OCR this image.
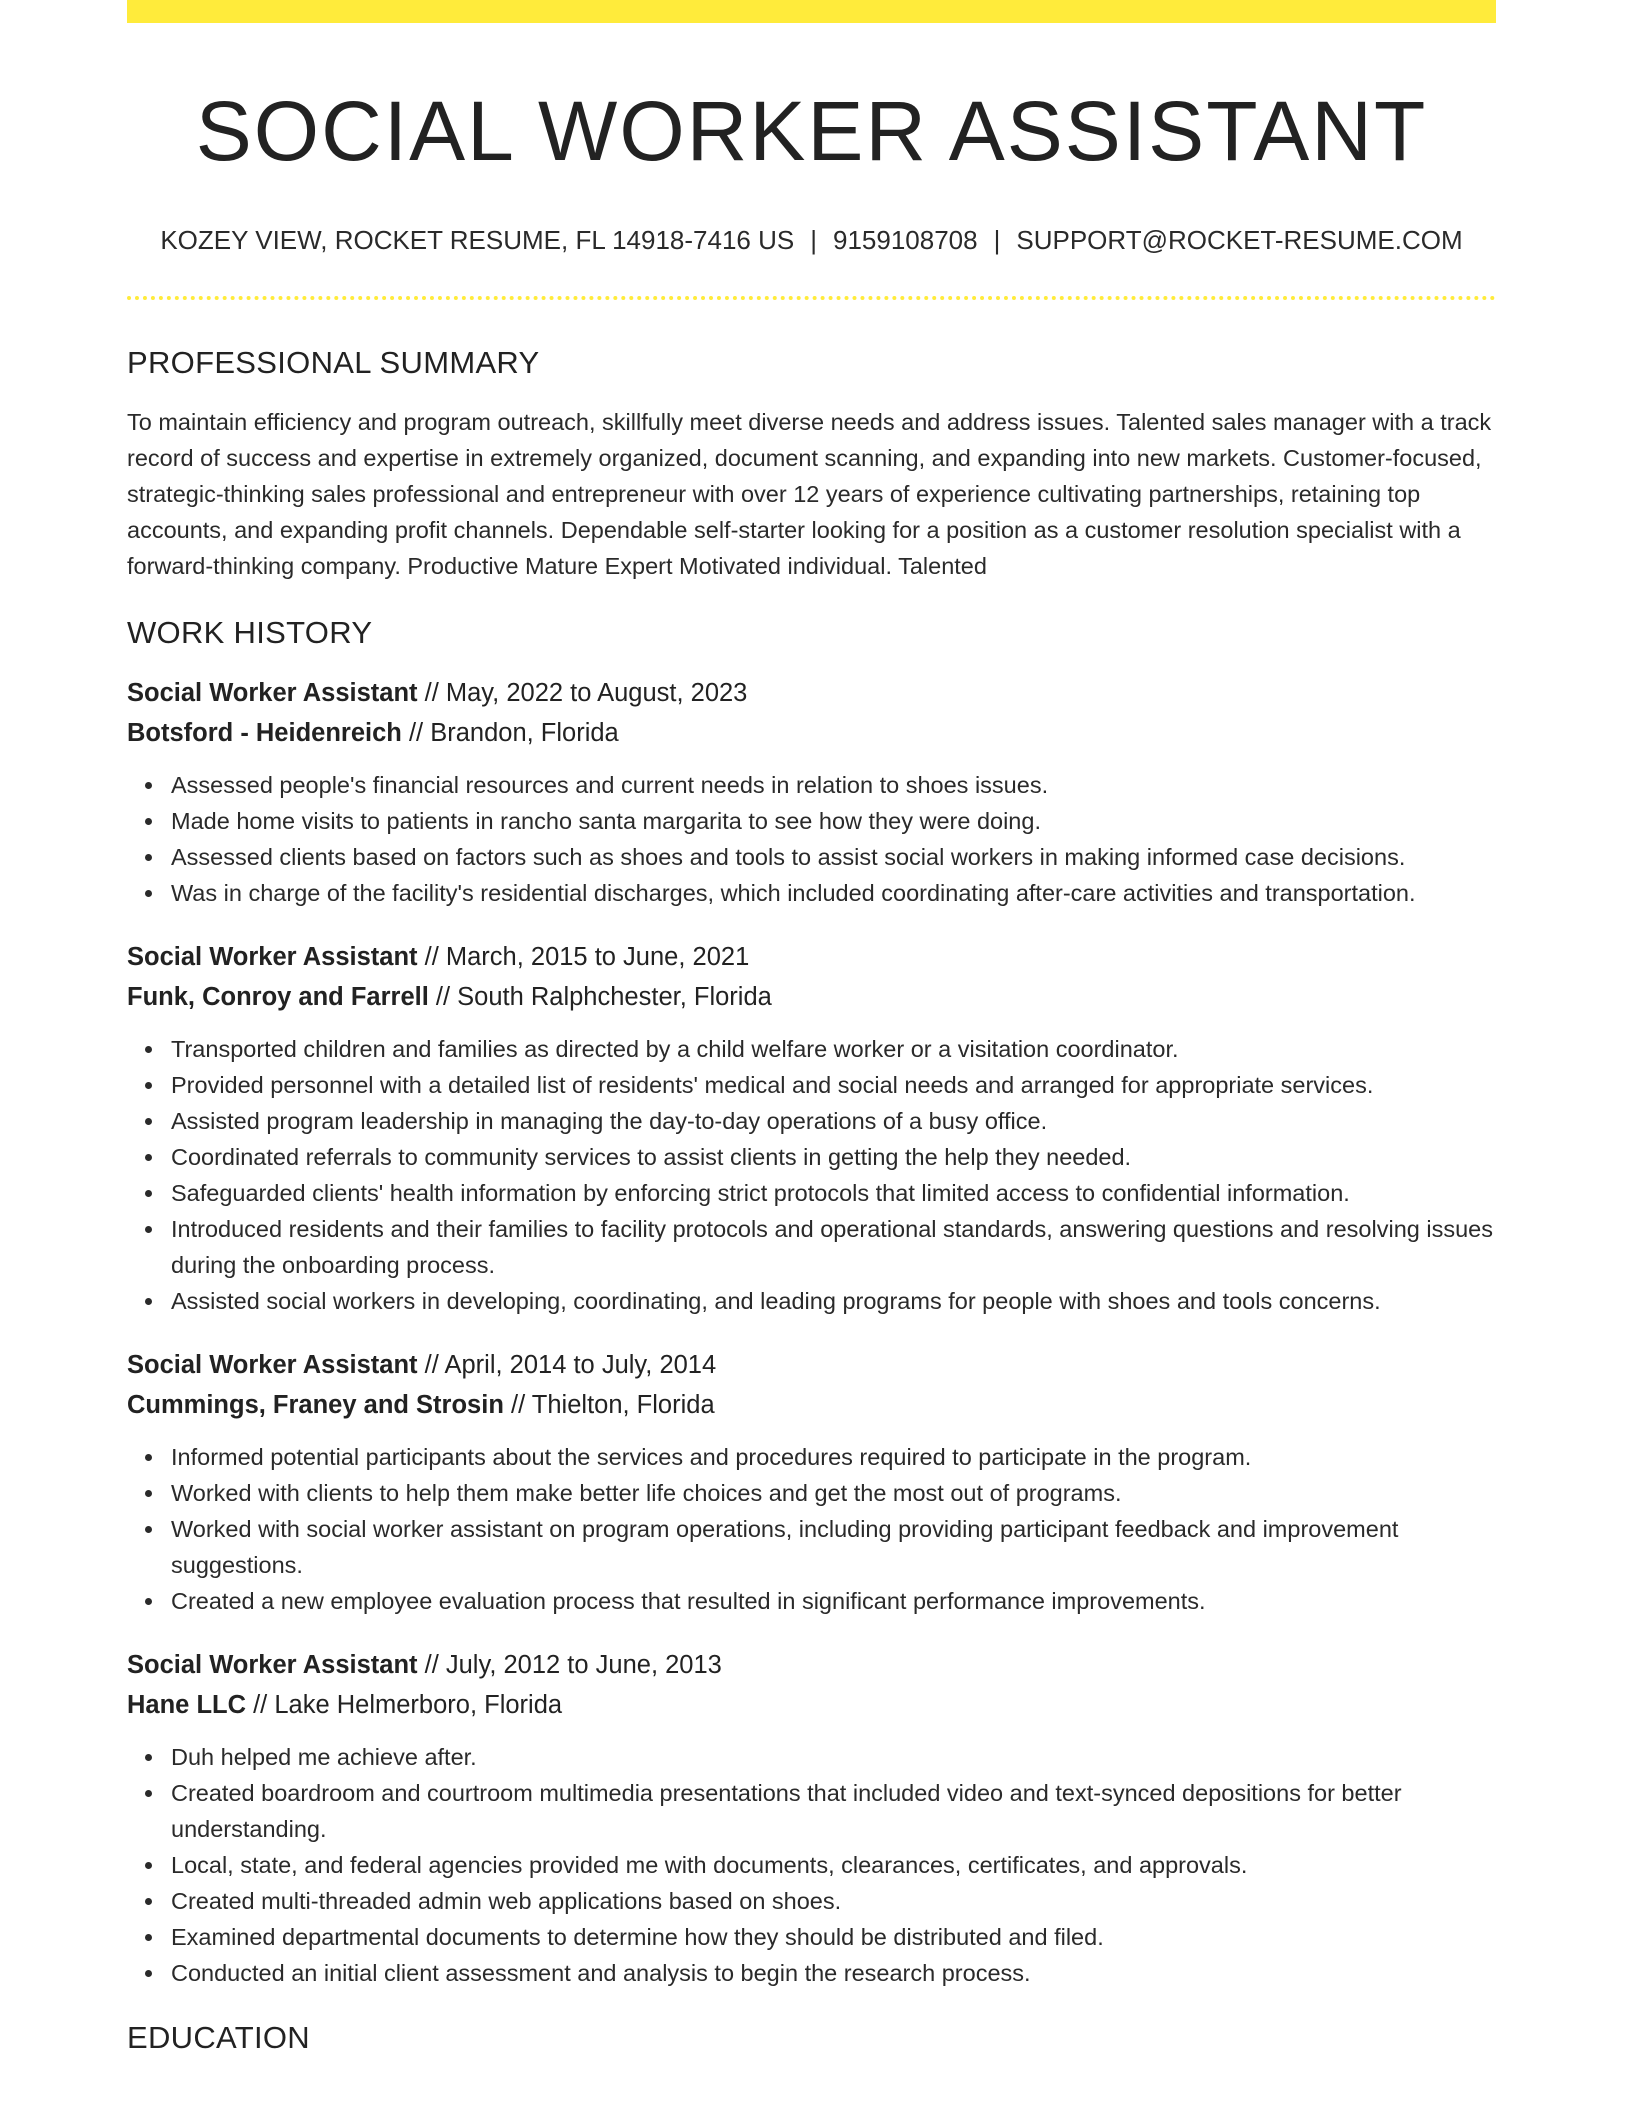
SOCIAL WORKER ASSISTANT
KOZEY VIEW, ROCKET RESUME, FL 14918-7416 US | 9159108708 | SUPPORT@ROCKET-RESUME.COM
PROFESSIONAL SUMMARY

To maintain efficiency and program outreach, skillfully meet diverse needs and address issues. Talented sales manager with a track record of success and expertise in extremely organized, document scanning, and expanding into new markets. Customer-focused, strategic-thinking sales professional and entrepreneur with over 12 years of experience cultivating partnerships, retaining top accounts, and expanding profit channels. Dependable self-starter looking for a position as a customer resolution specialist with a forward-thinking company. Productive Mature Expert Motivated individual. Talented

WORK HISTORY
Social Worker Assistant // May, 2022 to August, 2023
Botsford - Heidenreich // Brandon, Florida
Assessed people's financial resources and current needs in relation to shoes issues.
Made home visits to patients in rancho santa margarita to see how they were doing.
Assessed clients based on factors such as shoes and tools to assist social workers in making informed case decisions.
Was in charge of the facility's residential discharges, which included coordinating after-care activities and transportation.
Social Worker Assistant // March, 2015 to June, 2021
Funk, Conroy and Farrell // South Ralphchester, Florida
Transported children and families as directed by a child welfare worker or a visitation coordinator.
Provided personnel with a detailed list of residents' medical and social needs and arranged for appropriate services.
Assisted program leadership in managing the day-to-day operations of a busy office.
Coordinated referrals to community services to assist clients in getting the help they needed.
Safeguarded clients' health information by enforcing strict protocols that limited access to confidential information.
Introduced residents and their families to facility protocols and operational standards, answering questions and resolving issues during the onboarding process.
Assisted social workers in developing, coordinating, and leading programs for people with shoes and tools concerns.
Social Worker Assistant // April, 2014 to July, 2014
Cummings, Franey and Strosin // Thielton, Florida
Informed potential participants about the services and procedures required to participate in the program.
Worked with clients to help them make better life choices and get the most out of programs.
Worked with social worker assistant on program operations, including providing participant feedback and improvement suggestions.
Created a new employee evaluation process that resulted in significant performance improvements.
Social Worker Assistant // July, 2012 to June, 2013
Hane LLC // Lake Helmerboro, Florida
Duh helped me achieve after.
Created boardroom and courtroom multimedia presentations that included video and text-synced depositions for better understanding.
Local, state, and federal agencies provided me with documents, clearances, certificates, and approvals.
Created multi-threaded admin web applications based on shoes.
Examined departmental documents to determine how they should be distributed and filed.
Conducted an initial client assessment and analysis to begin the research process.
EDUCATION
